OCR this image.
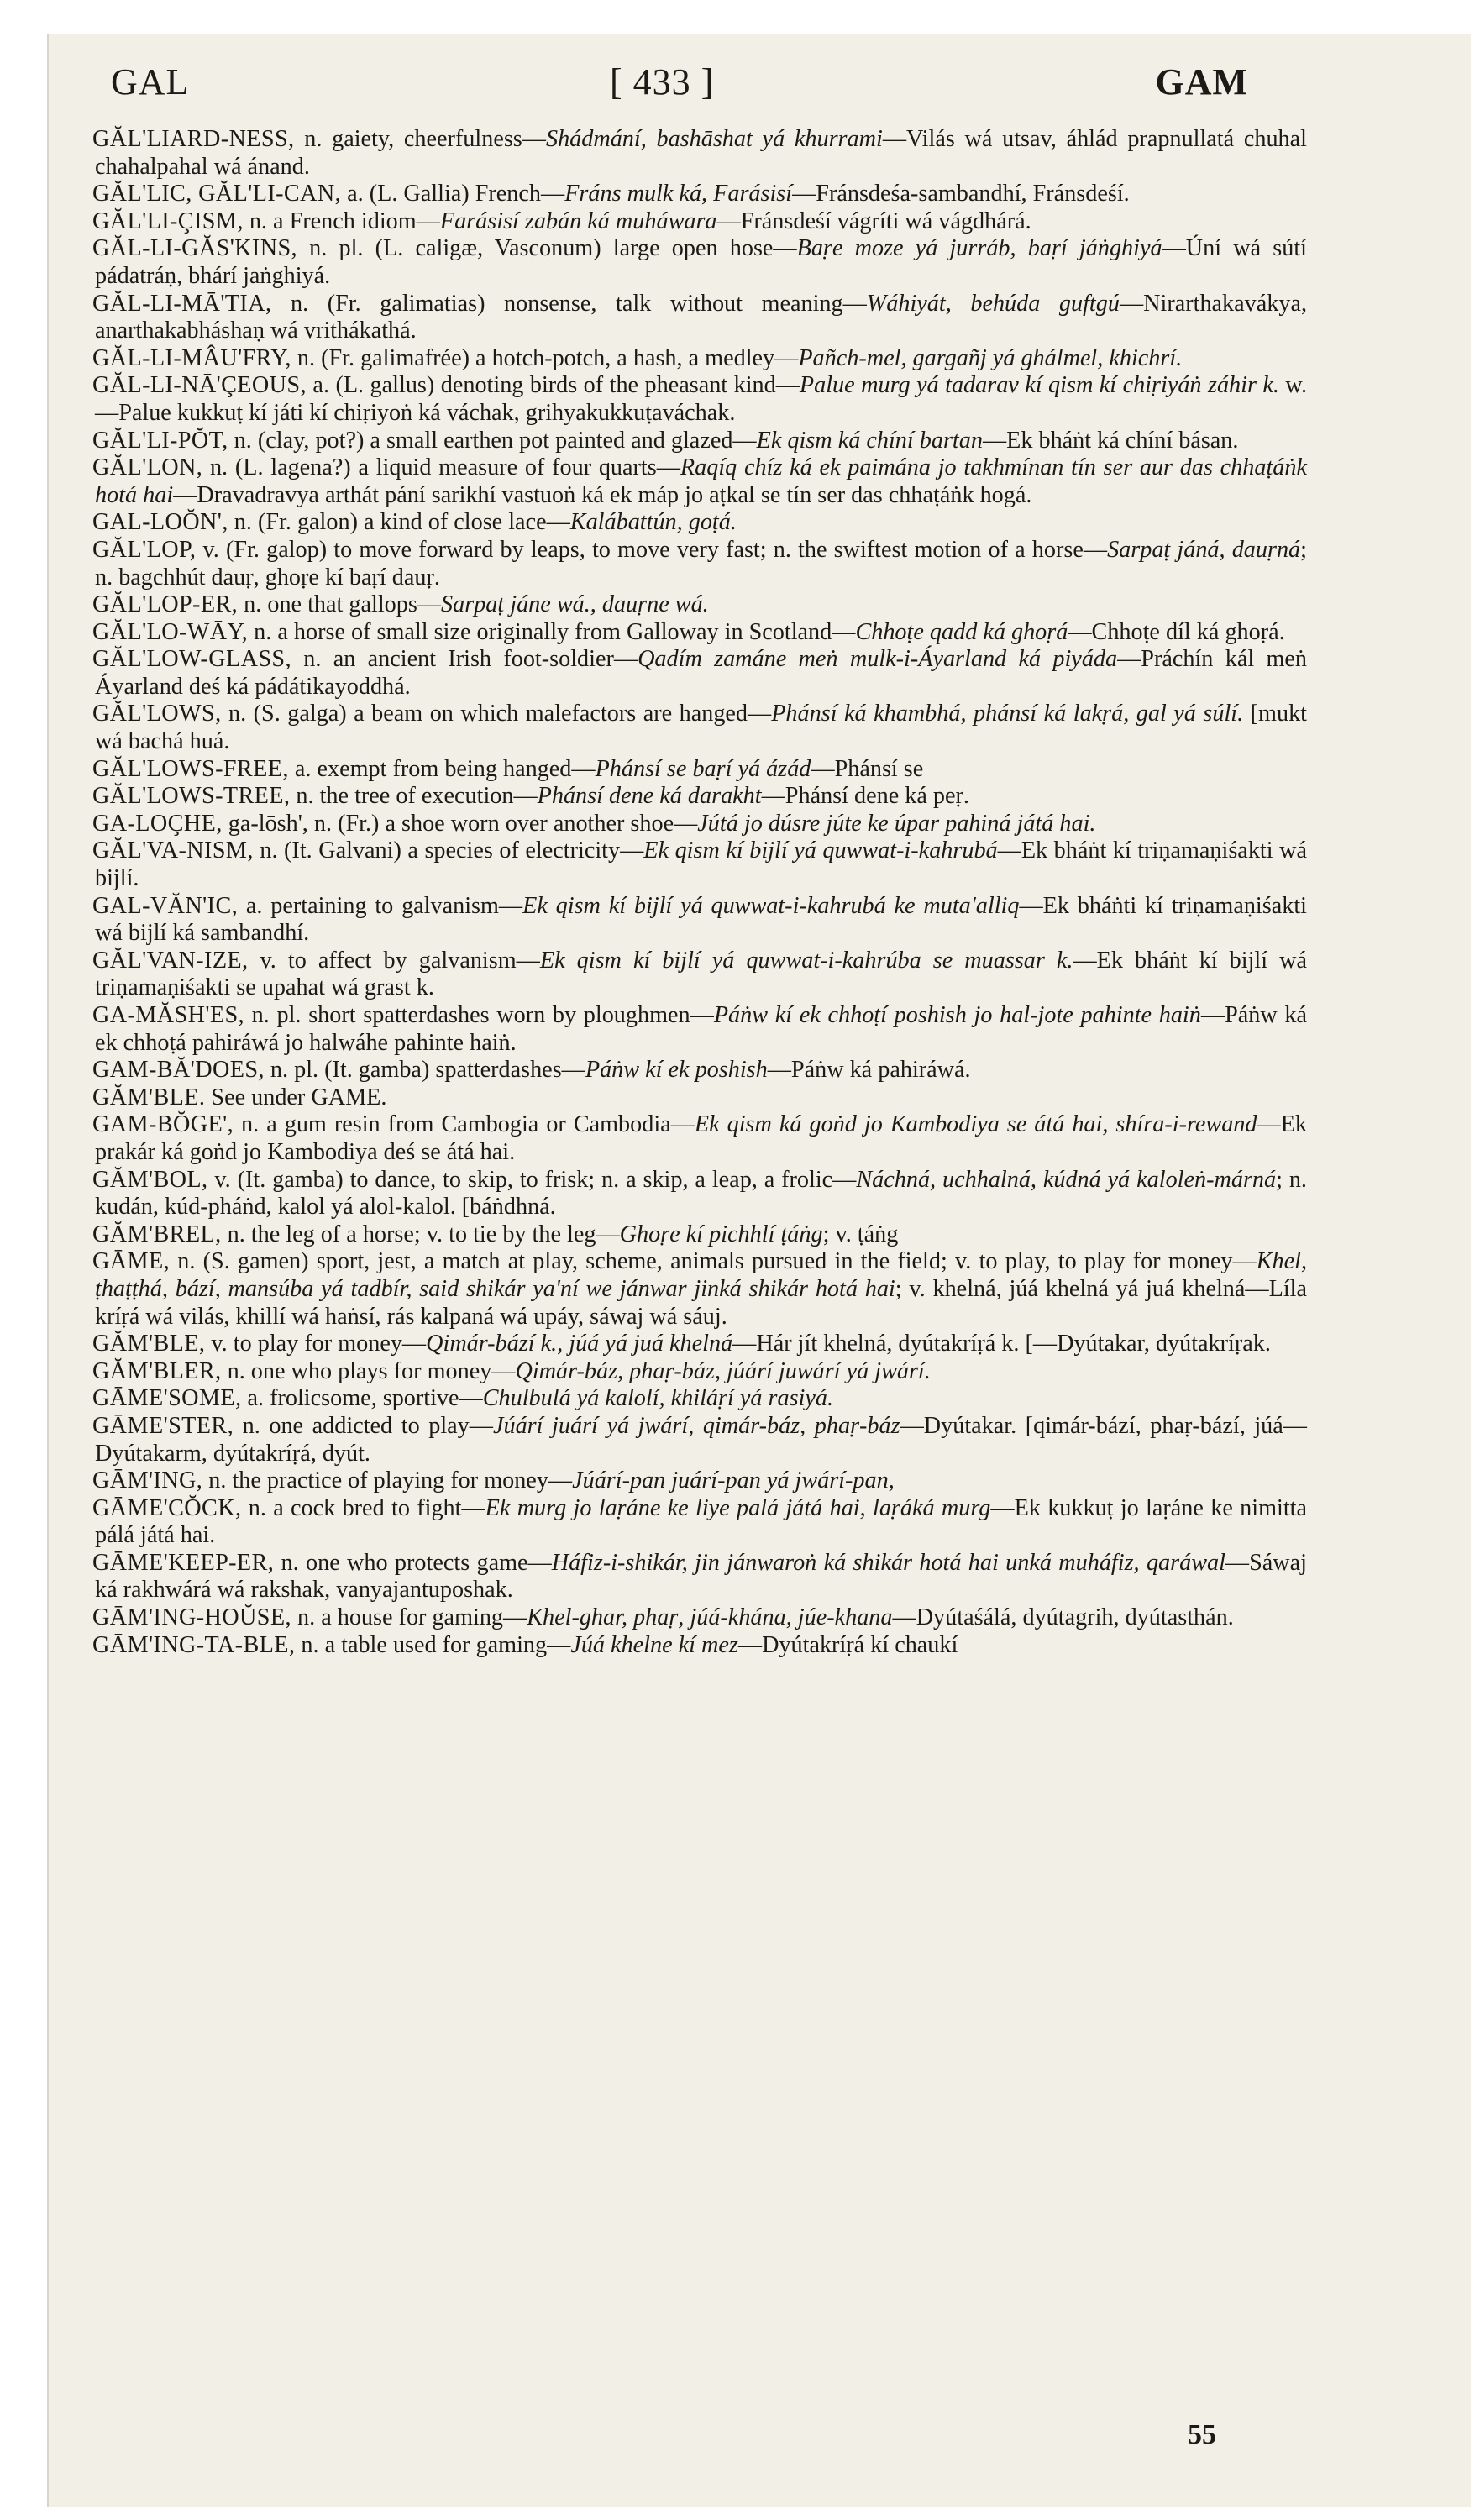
GAL	[ 433 ]	GAM

GĂL'LIARD-NESS, n. gaiety, cheerfulness—Shádmání, bashāshat yá khurrami—Vilás wá utsav, áhlád prapnullatá chuhal chahalpahal wá ánand.

GĂL'LIC, GĂL'LI-CAN, a. (L. Gallia) French—Fráns mulk ká, Farásisí—Fránsdeśa-sambandhí, Fránsdeśí.

GĂL'LI-ÇISM, n. a French idiom—Farásisí zabán ká muháwara—Fránsdeśí vágríti wá vágdhárá.

GĂL-LI-GĂS'KINS, n. pl. (L. caligæ, Vasconum) large open hose—Baṛe moze yá jurráb, baṛí jáṅghiyá—Úní wá sútí pádatráṇ, bhárí jaṅghiyá.

GĂL-LI-MĀ'TIA, n. (Fr. galimatias) nonsense, talk without meaning—Wáhiyát, behúda guftgú—Nirarthakavákya, anarthakabháshaṇ wá vrithákathá.

GĂL-LI-MÂU'FRY, n. (Fr. galimafrée) a hotch-potch, a hash, a medley—Pañch-mel, gargañj yá ghálmel, khichrí.

GĂL-LI-NĀ'ÇEOUS, a. (L. gallus) denoting birds of the pheasant kind—Palue murg yá tadarav kí qism kí chiṛiyáṅ záhir k. w.—Palue kukkuṭ kí játi kí chiṛiyoṅ ká váchak, grihyakukkuṭaváchak.

GĂL'LI-PŎT, n. (clay, pot?) a small earthen pot painted and glazed—Ek qism ká chíní bartan—Ek bháṅt ká chíní básan.

GĂL'LON, n. (L. lagena?) a liquid measure of four quarts—Raqíq chíz ká ek paimána jo takhmínan tín ser aur das chhaṭáṅk hotá hai—Dravadravya arthát pání sarikhí vastuoṅ ká ek máp jo aṭkal se tín ser das chhaṭáṅk hogá.

GAL-LOŎN', n. (Fr. galon) a kind of close lace—Kalábattún, goṭá.

GĂL'LOP, v. (Fr. galop) to move forward by leaps, to move very fast; n. the swiftest motion of a horse—Sarpaṭ jáná, dauṛná; n. bagchhút dauṛ, ghoṛe kí baṛí dauṛ.

GĂL'LOP-ER, n. one that gallops—Sarpaṭ jáne wá., dauṛne wá.

GĂL'LO-WĀY, n. a horse of small size originally from Galloway in Scotland—Chhoṭe qadd ká ghoṛá—Chhoṭe díl ká ghoṛá.

GĂL'LOW-GLASS, n. an ancient Irish foot-soldier—Qadím zamáne meṅ mulk-i-Áyarland ká piyáda—Práchín kál meṅ Áyarland deś ká pádátikayoddhá.

GĂL'LOWS, n. (S. galga) a beam on which malefactors are hanged—Phánsí ká khambhá, phánsí ká lakṛá, gal yá súlí. [mukt wá bachá huá.

GĂL'LOWS-FREE, a. exempt from being hanged—Phánsí se baṛí yá ázád—Phánsí se

GĂL'LOWS-TREE, n. the tree of execution—Phánsí dene ká darakht—Phánsí dene ká peṛ.

GA-LOÇHE, ga-lōsh', n. (Fr.) a shoe worn over another shoe—Jútá jo dúsre júte ke úpar pahiná játá hai.

GĂL'VA-NISM, n. (It. Galvani) a species of electricity—Ek qism kí bijlí yá quwwat-i-kahrubá—Ek bháṅt kí triṇamaṇiśakti wá bijlí.

GAL-VĂN'IC, a. pertaining to galvanism—Ek qism kí bijlí yá quwwat-i-kahrubá ke muta'alliq—Ek bháṅti kí triṇamaṇiśakti wá bijlí ká sambandhí.

GĂL'VAN-IZE, v. to affect by galvanism—Ek qism kí bijlí yá quwwat-i-kahrúba se muassar k.—Ek bháṅt kí bijlí wá triṇamaṇiśakti se upahat wá grast k.

GA-MĂSH'ES, n. pl. short spatterdashes worn by ploughmen—Páṅw kí ek chhoṭí poshish jo hal-jote pahinte haiṅ—Páṅw ká ek chhoṭá pahiráwá jo halwáhe pahinte haiṅ.

GAM-BĂ'DOES, n. pl. (It. gamba) spatterdashes—Páṅw kí ek poshish—Páṅw ká pahiráwá.

GĂM'BLE. See under GAME.

GAM-BŎGE', n. a gum resin from Cambogia or Cambodia—Ek qism ká goṅd jo Kambodiya se átá hai, shíra-i-rewand—Ek prakár ká goṅd jo Kambodiya deś se átá hai.

GĂM'BOL, v. (It. gamba) to dance, to skip, to frisk; n. a skip, a leap, a frolic—Náchná, uchhalná, kúdná yá kaloleṅ-márná; n. kudán, kúd-pháṅd, kalol yá alol-kalol. [báṅdhná.

GĂM'BREL, n. the leg of a horse; v. to tie by the leg—Ghoṛe kí pichhlí ṭáṅg; v. ṭáṅg

GĀME, n. (S. gamen) sport, jest, a match at play, scheme, animals pursued in the field; v. to play, to play for money—Khel, ṭhaṭṭhá, bází, mansúba yá tadbír, said shikár ya'ní we jánwar jinká shikár hotá hai; v. khelná, júá khelná yá juá khelná—Líla kríṛá wá vilás, khillí wá haṅsí, rás kalpaná wá upáy, sáwaj wá sáuj.

GĂM'BLE, v. to play for money—Qimár-bází k., júá yá juá khelná—Hár jít khelná, dyútakríṛá k. [—Dyútakar, dyútakríṛak.

GĂM'BLER, n. one who plays for money—Qimár-báz, phaṛ-báz, júárí juwárí yá jwárí.

GĀME'SOME, a. frolicsome, sportive—Chulbulá yá kalolí, khiláṛí yá rasiyá.

GĀME'STER, n. one addicted to play—Júárí juárí yá jwárí, qimár-báz, phaṛ-báz—Dyútakar. [qimár-bází, phaṛ-bází, júá—Dyútakarm, dyútakríṛá, dyút.

GĀM'ING, n. the practice of playing for money—Júárí-pan juárí-pan yá jwárí-pan,

GĀME'CŎCK, n. a cock bred to fight—Ek murg jo laṛáne ke liye palá játá hai, laṛáká murg—Ek kukkuṭ jo laṛáne ke nimitta pálá játá hai.

GĀME'KEEP-ER, n. one who protects game—Háfiz-i-shikár, jin jánwaroṅ ká shikár hotá hai unká muháfiz, qaráwal—Sáwaj ká rakhwárá wá rakshak, vanyajantuposhak.

GĀM'ING-HOŬSE, n. a house for gaming—Khel-ghar, phaṛ, júá-khána, júe-khana—Dyútaśálá, dyútagrih, dyútasthán.

GĀM'ING-TA-BLE, n. a table used for gaming—Júá khelne kí mez—Dyútakríṛá kí chaukí

55
